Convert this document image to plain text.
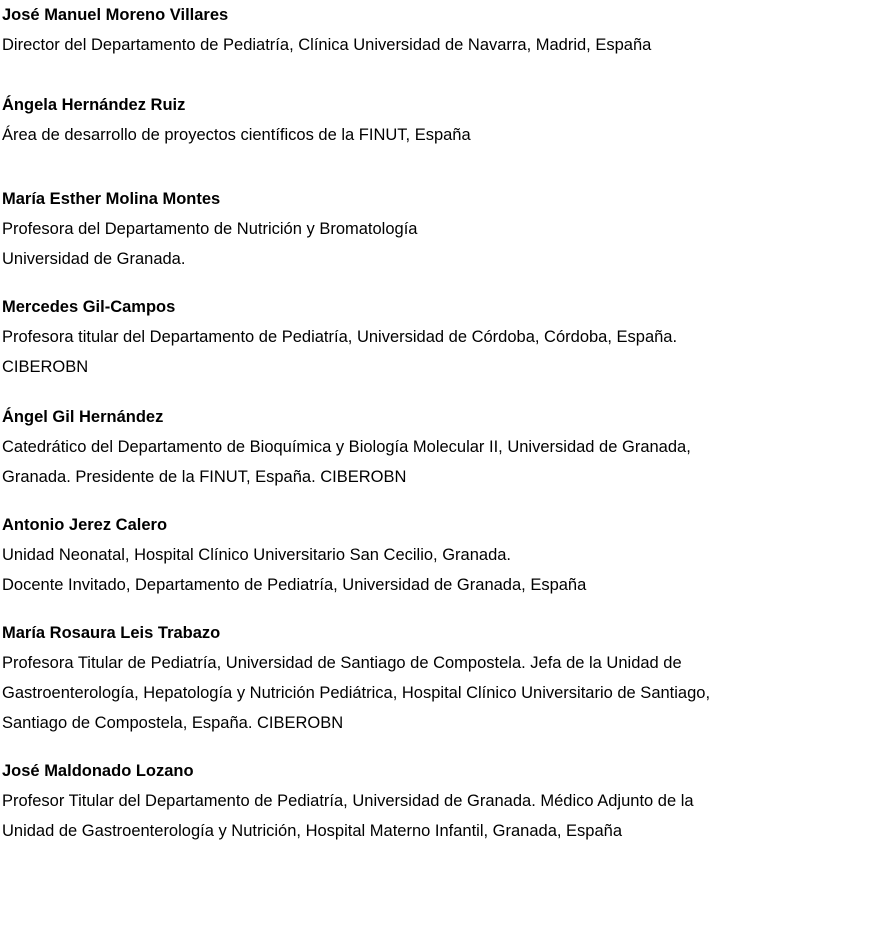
José Manuel Moreno Villares

Director del Departamento de Pediatría, Clínica Universidad de Navarra, Madrid, España

Ángela Hernández Ruiz

Área de desarrollo de proyectos científicos de la FINUT, España

María Esther Molina Montes

Profesora del Departamento de Nutrición y Bromatología

Universidad de Granada.

Mercedes Gil-Campos

Profesora titular del Departamento de Pediatría, Universidad de Córdoba, Córdoba, España.

CIBEROBN

Ángel Gil Hernández

Catedrático del Departamento de Bioquímica y Biología Molecular II, Universidad de Granada,

Granada. Presidente de la FINUT, España. CIBEROBN

Antonio Jerez Calero

Unidad Neonatal, Hospital Clínico Universitario San Cecilio, Granada.

Docente Invitado, Departamento de Pediatría, Universidad de Granada, España

María Rosaura Leis Trabazo

Profesora Titular de Pediatría, Universidad de Santiago de Compostela. Jefa de la Unidad de

Gastroenterología, Hepatología y Nutrición Pediátrica, Hospital Clínico Universitario de Santiago,

Santiago de Compostela, España. CIBEROBN

José Maldonado Lozano

Profesor Titular del Departamento de Pediatría, Universidad de Granada. Médico Adjunto de la

Unidad de Gastroenterología y Nutrición, Hospital Materno Infantil, Granada, España
